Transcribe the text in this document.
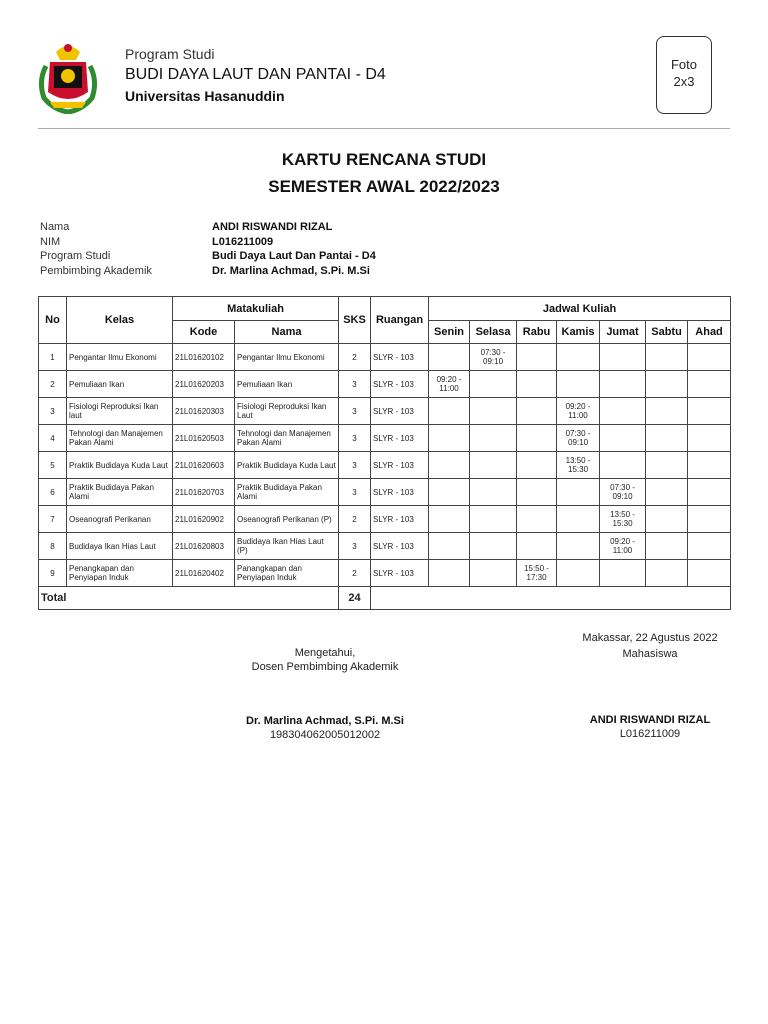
Program Studi
BUDI DAYA LAUT DAN PANTAI - D4
Universitas Hasanuddin
Foto
2x3
KARTU RENCANA STUDI
SEMESTER AWAL 2022/2023
Nama	ANDI RISWANDI RIZAL
NIM	L016211009
Program Studi	Budi Daya Laut Dan Pantai - D4
Pembimbing Akademik	Dr. Marlina Achmad, S.Pi. M.Si
No	Kelas	Matakuliah		SKS	Ruangan	Jadwal Kuliah						
		Kode	Nama			Senin	Selasa	Rabu	Kamis	Jumat	Sabtu	Ahad
1	Pengantar Ilmu Ekonomi	21L01620102	Pengantar Ilmu Ekonomi	2	SLYR - 103		07:30 - 09:10					
2	Pemuliaan Ikan	21L01620203	Pemuliaan Ikan	3	SLYR - 103	09:20 - 11:00						
3	Fisiologi Reproduksi Ikan laut	21L01620303	Fisiologi Reproduksi Ikan Laut	3	SLYR - 103				09:20 - 11:00			
4	Tehnologi dan Manajemen Pakan Alami	21L01620503	Tehnologi dan Manajemen Pakan Alami	3	SLYR - 103				07:30 - 09:10			
5	Praktik Budidaya Kuda Laut	21L01620603	Praktik Budidaya Kuda Laut	3	SLYR - 103				13:50 - 15:30			
6	Praktik Budidaya Pakan Alami	21L01620703	Praktik Budidaya Pakan Alami	3	SLYR - 103					07:30 - 09:10		
7	Oseanografi Perikanan	21L01620902	Oseanografi Perikanan (P)	2	SLYR - 103					13:50 - 15:30		
8	Budidaya Ikan Hias Laut	21L01620803	Budidaya Ikan Hias Laut (P)	3	SLYR - 103					09:20 - 11:00		
9	Penangkapan dan Penyiapan Induk	21L01620402	Panangkapan dan Penyiapan Induk	2	SLYR - 103			15:50 - 17:30				
Total				24								
Makassar, 22 Agustus 2022
Mahasiswa
Mengetahui,
Dosen Pembimbing Akademik
Dr. Marlina Achmad, S.Pi. M.Si
198304062005012002
ANDI RISWANDI RIZAL
L016211009
